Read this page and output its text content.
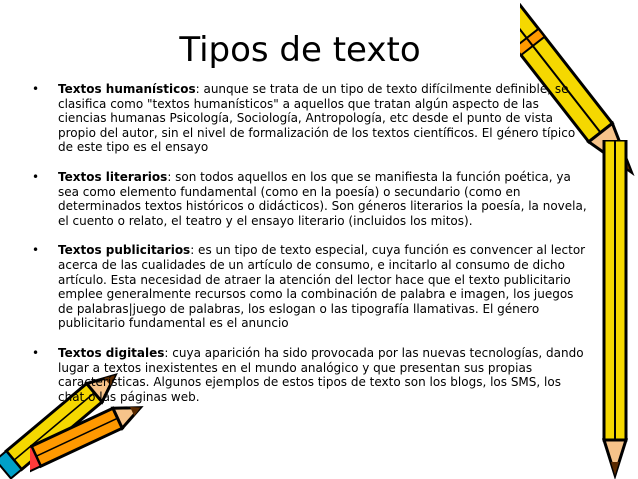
Tipos de texto
• Textos humanísticos: aunque se trata de un tipo de texto difícilmente definible, se clasifica como "textos humanísticos" a aquellos que tratan algún aspecto de las ciencias humanas Psicología, Sociología, Antropología, etc desde el punto de vista propio del autor, sin el nivel de formalización de los textos científicos. El género típico de este tipo es el ensayo
• Textos literarios: son todos aquellos en los que se manifiesta la función poética, ya sea como elemento fundamental (como en la poesía) o secundario (como en determinados textos históricos o didácticos). Son géneros literarios la poesía, la novela, el cuento o relato, el teatro y el ensayo literario (incluidos los mitos).
• Textos publicitarios: es un tipo de texto especial, cuya función es convencer al lector acerca de las cualidades de un artículo de consumo, e incitarlo al consumo de dicho artículo. Esta necesidad de atraer la atención del lector hace que el texto publicitario emplee generalmente recursos como la combinación de palabra e imagen, los juegos de palabras|juego de palabras, los eslogan o las tipografía llamativas. El género publicitario fundamental es el anuncio
• Textos digitales: cuya aparición ha sido provocada por las nuevas tecnologías, dando lugar a textos inexistentes en el mundo analógico y que presentan sus propias características. Algunos ejemplos de estos tipos de texto son los blogs, los SMS, los chat o las páginas web.
